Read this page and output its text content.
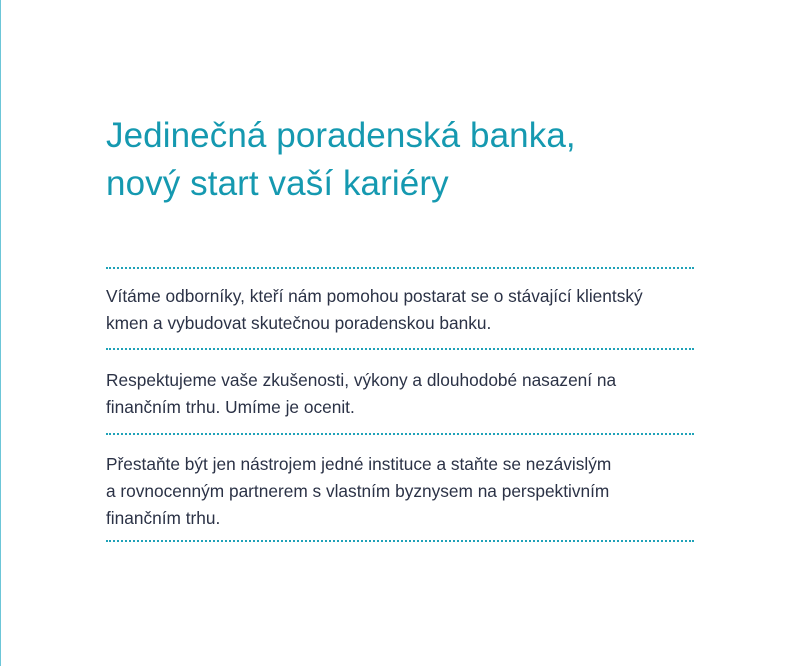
Jedinečná poradenská banka,
nový start vaší kariéry

Vítáme odborníky, kteří nám pomohou postarat se o stávající klientský
kmen a vybudovat skutečnou poradenskou banku.

Respektujeme vaše zkušenosti, výkony a dlouhodobé nasazení na
finančním trhu. Umíme je ocenit.

Přestaňte být jen nástrojem jedné instituce a staňte se nezávislým
a rovnocenným partnerem s vlastním byznysem na perspektivním
finančním trhu.
